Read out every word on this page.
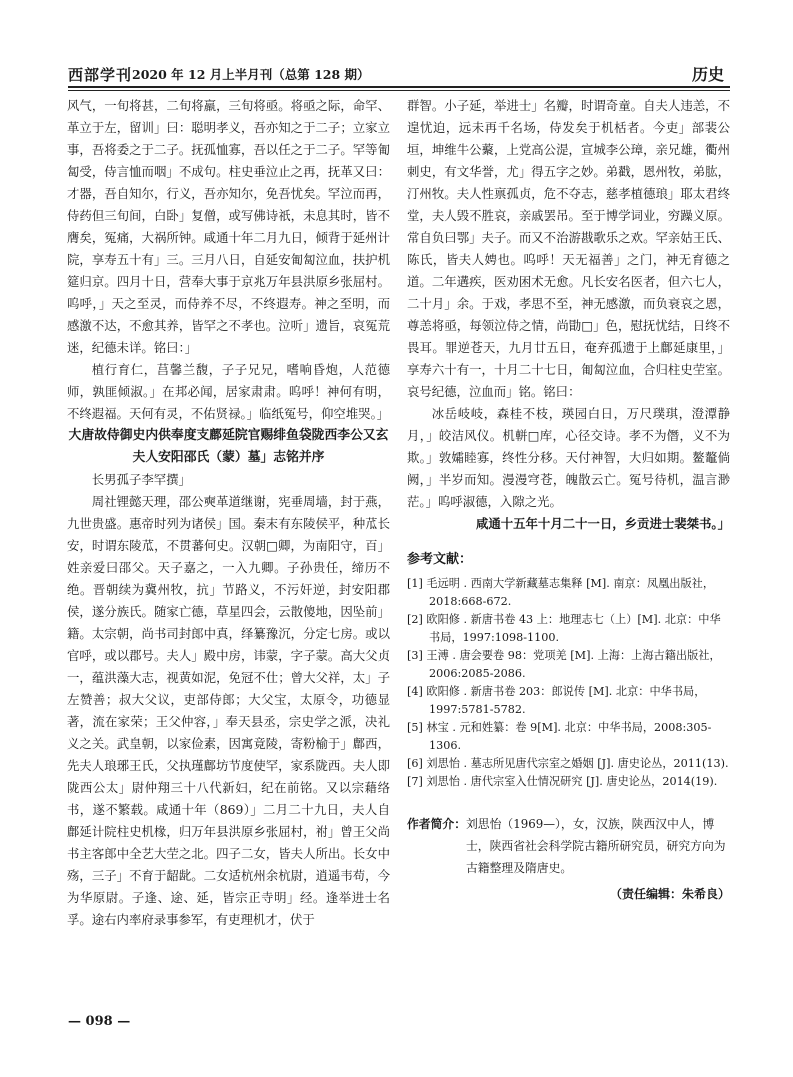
西部学刊 2020 年 12 月上半月刊（总第 128 期）	历史

风气，一旬将甚，二旬将羸，三旬将亟。将亟之际，命罕、革立于左，留训」曰：聪明孝义，吾亦知之于二子；立家立事，吾将委之于二子。抚孤恤寡，吾以任之于二子。罕等匍匐受，侍言恤而咽」不成句。柱史垂泣止之再，抚革又曰：才器，吾自知尔，行义，吾亦知尔，免吾忧矣。罕泣而再，侍药但三旬间，白卧」复僧，或写佛诗祇，未息其时，皆不膺矣，冤痛，大祸所钟。咸通十年二月九日，倾背于延州计院，享寿五十有」三。三月八日，自延安匍匐泣血，扶护机筵归京。四月十日，营奉大事于京兆万年县洪原乡张屈村。呜呼，」天之至灵，而侍养不尽，不终遐寿。神之至明，而感激不达，不愈其养，皆罕之不孝也。泣听」遗旨，哀冤荒迷，纪德未详。铭曰：」

植行育仁，莒馨兰馥，子子兄兄，嗜响昏炮，人范德师，孰匪倾淑。」在邦必闻，居家肃肃。呜呼！神何有明，不终遐福。天何有灵，不佑贤禄。」临纸冤号，仰空堆哭。」

大唐故侍御史内供奉度支鄜延院官赐绯鱼袋陇西李公又玄夫人安阳邵氏（蒙）墓」志铭并序

长男孤子李罕撰」

周社锂懿天理，邵公奭革道继谢，宪垂周墙，封于燕，九世贵盛。惠帝时列为诸侯」国。秦末有东陵侯平，种苽长安，时谓东陵苽，不贯蕃何史。汉朝□卿，为南阳守，百」姓亲爱曰邵父。天子嘉之，一入九卿。子孙贵任，缔历不绝。晋朝续为冀州牧，抗」节路义，不污奸逆，封安阳郡侯，遂分族氏。随家亡德，草星四会，云散傻地，因坠前」籍。太宗朝，尚书司封郎中真，绎纂豫沉，分定七房。或以官呼，或以郡号。夫人」殿中房，讳蒙，字子蒙。高大父贞一，蕴洪藻大志，视黄如泥，免冠不仕；曾大父祥，太」子左赞善；叔大父议，吏部侍郎；大父宝，太原令，功德显著，流在家荣；王父仲容，」奉天县丞，宗史学之派，决礼义之关。武皇朝，以家俭素，因寓竟陵，寄粉榆于」鄜西，先夫人琅琊王氏，父执瑾鄜坊节度使罕，家系陇西。夫人即陇西公太」尉仲翔三十八代新妇，纪在前铭。又以宗藉络书，遂不繁载。咸通十年（869）」二月二十九日，夫人自鄜延计院柱史机椽，归万年县洪原乡张屈村，祔」曾王父尚书主客郎中全艺大茔之北。四子二女，皆夫人所出。长女中殇，三子」不育于龆龀。二女适杭州余杭尉，逍遥韦苟，今为华原尉。子逢、途、延，皆宗正寺明」经。逢举进士名孚。途右内率府录事参军，有吏理机才，伏于

群智。小子延，举进士」名瓣，时谓奇童。自夫人违恙，不遑忧迫，远未再千名场，侍发矣于机栝者。今吏」部裴公垣，坤维牛公藂，上党高公湜，宣城李公璋，亲兄雄，衢州刺史，有文华誉，尤」得五字之妙。弟戳，恩州牧，弟肱，汀州牧。夫人性禀孤贞，危不夺志，慈孝植德琅」耶太君终堂，夫人毁不胜哀，亲戚罢吊。至于博学词业，穷躁义原。常自负曰鄂」夫子。而又不治游戡歌乐之欢。罕亲姑王氏、陈氏，皆夫人娉也。呜呼！天无福善」之门，神无育德之道。二年遘疾，医劝困术无愈。凡长安名医者，但六七人，二十月」余。于戏，孝思不至，神无感激，而负衰哀之恩，尊恙将亟，每领泣侍之情，尚勖□」色，慰抚忧结，日终不畏耳。罪逆苍天，九月廿五日，奄弃孤遗于上鄜延康里，」享寿六十有一，十月二十七日，匍匐泣血，合归柱史茔室。哀号纪德，泣血而」铭。铭曰：

冰岳岐岐，森桂不枝，瑛园白日，万尺璞琪，澄潭静月，」皎洁风仪。机軿□库，心径交诗。孝不为僭，义不为欺。」敦孀睦寡，终性分移。天付神智，大归如期。鳌鼇倘阙，」半岁而知。漫漫穹苍，魄散云亡。冤号待机，温言渺茫。」呜呼淑德，入隙之光。

咸通十五年十月二十一日，乡贡进士裴桀书。」

参考文献：

[1] 毛远明 . 西南大学新藏墓志集释 [M]. 南京：凤凰出版社，2018:668-672.

[2] 欧阳修 . 新唐书卷 43 上：地理志七（上）[M]. 北京：中华书局，1997:1098-1100.

[3] 王溥 . 唐会要卷 98：党项羌 [M]. 上海：上海古籍出版社，2006:2085-2086.

[4] 欧阳修 . 新唐书卷 203：郎说传 [M]. 北京：中华书局，1997:5781-5782.

[5] 林宝 . 元和姓纂：卷 9[M]. 北京：中华书局，2008:305-1306.

[6] 刘思怡 . 墓志所见唐代宗室之婚姻 [J]. 唐史论丛，2011(13).

[7] 刘思怡 . 唐代宗室入仕情况研究 [J]. 唐史论丛，2014(19).

作者简介： 刘思怡（1969—），女，汉族，陕西汉中人，博士，陕西省社会科学院古籍所研究员，研究方向为古籍整理及隋唐史。
（责任编辑：朱希良）
— 098 —
